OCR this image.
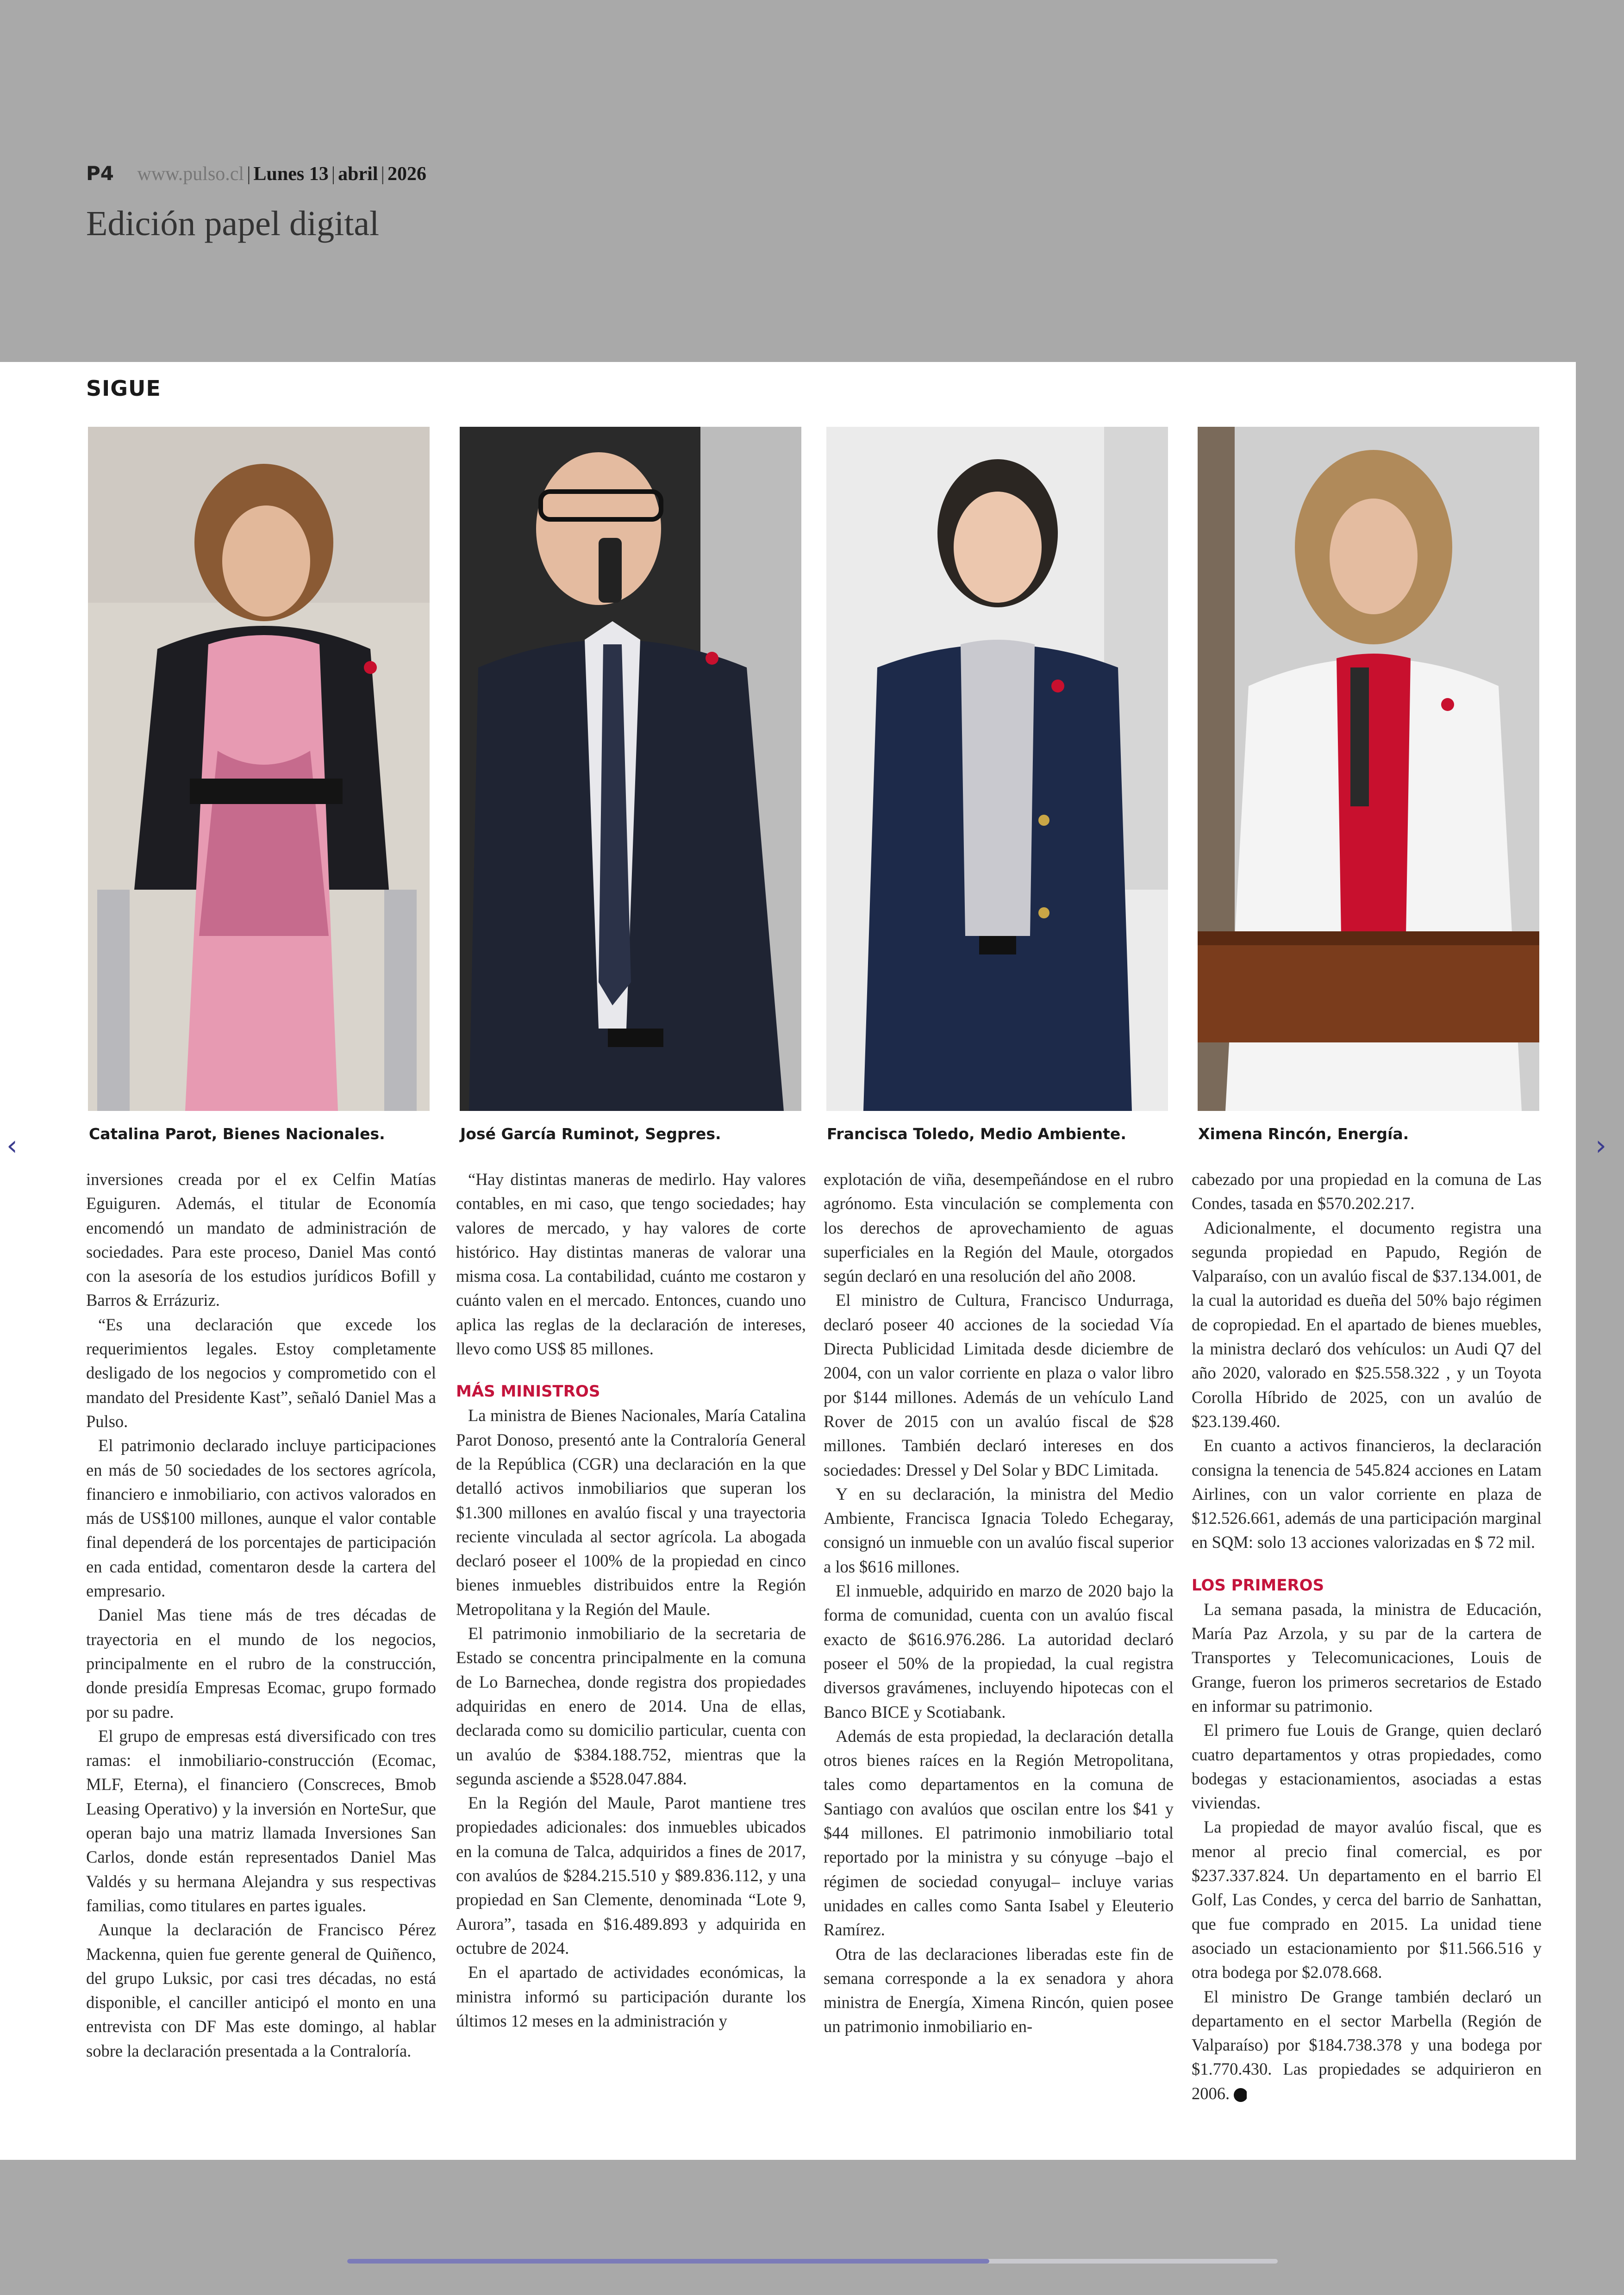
P4 www.pulso.cl | Lunes 13 | abril | 2026
Edición papel digital
SIGUE
Catalina Parot, Bienes Nacionales.	José García Ruminot, Segpres.	Francisca Toledo, Medio Ambiente.	Ximena Rincón, Energía.

inversiones creada por el ex Celfin Matías Eguiguren. Además, el titular de Economía encomendó un mandato de administración de sociedades. Para este proceso, Daniel Mas contó con la asesoría de los estudios jurídicos Bofill y Barros & Errázuriz.

“Es una declaración que excede los requerimientos legales. Estoy completamente desligado de los negocios y comprometido con el mandato del Presidente Kast”, señaló Daniel Mas a Pulso.

El patrimonio declarado incluye participaciones en más de 50 sociedades de los sectores agrícola, financiero e inmobiliario, con activos valorados en más de US$100 millones, aunque el valor contable final dependerá de los porcentajes de participación en cada entidad, comentaron desde la cartera del empresario.

Daniel Mas tiene más de tres décadas de trayectoria en el mundo de los negocios, principalmente en el rubro de la construcción, donde presidía Empresas Ecomac, grupo formado por su padre.

El grupo de empresas está diversificado con tres ramas: el inmobiliario-construcción (Ecomac, MLF, Eterna), el financiero (Conscreces, Bmob Leasing Operativo) y la inversión en NorteSur, que operan bajo una matriz llamada Inversiones San Carlos, donde están representados Daniel Mas Valdés y su hermana Alejandra y sus respectivas familias, como titulares en partes iguales.

Aunque la declaración de Francisco Pérez Mackenna, quien fue gerente general de Quiñenco, del grupo Luksic, por casi tres décadas, no está disponible, el canciller anticipó el monto en una entrevista con DF Mas este domingo, al hablar sobre la declaración presentada a la Contraloría.

“Hay distintas maneras de medirlo. Hay valores contables, en mi caso, que tengo sociedades; hay valores de mercado, y hay valores de corte histórico. Hay distintas maneras de valorar una misma cosa. La contabilidad, cuánto me costaron y cuánto valen en el mercado. Entonces, cuando uno aplica las reglas de la declaración de intereses, llevo como US$ 85 millones.

MÁS MINISTROS

La ministra de Bienes Nacionales, María Catalina Parot Donoso, presentó ante la Contraloría General de la República (CGR) una declaración en la que detalló activos inmobiliarios que superan los $1.300 millones en avalúo fiscal y una trayectoria reciente vinculada al sector agrícola. La abogada declaró poseer el 100% de la propiedad en cinco bienes inmuebles distribuidos entre la Región Metropolitana y la Región del Maule.

El patrimonio inmobiliario de la secretaria de Estado se concentra principalmente en la comuna de Lo Barnechea, donde registra dos propiedades adquiridas en enero de 2014. Una de ellas, declarada como su domicilio particular, cuenta con un avalúo de $384.188.752, mientras que la segunda asciende a $528.047.884.

En la Región del Maule, Parot mantiene tres propiedades adicionales: dos inmuebles ubicados en la comuna de Talca, adquiridos a fines de 2017, con avalúos de $284.215.510 y $89.836.112, y una propiedad en San Clemente, denominada “Lote 9, Aurora”, tasada en $16.489.893 y adquirida en octubre de 2024.

En el apartado de actividades económicas, la ministra informó su participación durante los últimos 12 meses en la administración y

explotación de viña, desempeñándose en el rubro agrónomo. Esta vinculación se complementa con los derechos de aprovechamiento de aguas superficiales en la Región del Maule, otorgados según declaró en una resolución del año 2008.

El ministro de Cultura, Francisco Undurraga, declaró poseer 40 acciones de la sociedad Vía Directa Publicidad Limitada desde diciembre de 2004, con un valor corriente en plaza o valor libro por $144 millones. Además de un vehículo Land Rover de 2015 con un avalúo fiscal de $28 millones. También declaró intereses en dos sociedades: Dressel y Del Solar y BDC Limitada.

Y en su declaración, la ministra del Medio Ambiente, Francisca Ignacia Toledo Echegaray, consignó un inmueble con un avalúo fiscal superior a los $616 millones.

El inmueble, adquirido en marzo de 2020 bajo la forma de comunidad, cuenta con un avalúo fiscal exacto de $616.976.286. La autoridad declaró poseer el 50% de la propiedad, la cual registra diversos gravámenes, incluyendo hipotecas con el Banco BICE y Scotiabank.

Además de esta propiedad, la declaración detalla otros bienes raíces en la Región Metropolitana, tales como departamentos en la comuna de Santiago con avalúos que oscilan entre los $41 y $44 millones. El patrimonio inmobiliario total reportado por la ministra y su cónyuge –bajo el régimen de sociedad conyugal– incluye varias unidades en calles como Santa Isabel y Eleuterio Ramírez.

Otra de las declaraciones liberadas este fin de semana corresponde a la ex senadora y ahora ministra de Energía, Ximena Rincón, quien posee un patrimonio inmobiliario en-

cabezado por una propiedad en la comuna de Las Condes, tasada en $570.202.217.

Adicionalmente, el documento registra una segunda propiedad en Papudo, Región de Valparaíso, con un avalúo fiscal de $37.134.001, de la cual la autoridad es dueña del 50% bajo régimen de copropiedad. En el apartado de bienes muebles, la ministra declaró dos vehículos: un Audi Q7 del año 2020, valorado en $25.558.322 , y un Toyota Corolla Híbrido de 2025, con un avalúo de $23.139.460.

En cuanto a activos financieros, la declaración consigna la tenencia de 545.824 acciones en Latam Airlines, con un valor corriente en plaza de $12.526.661, además de una participación marginal en SQM: solo 13 acciones valorizadas en $ 72 mil.

LOS PRIMEROS

La semana pasada, la ministra de Educación, María Paz Arzola, y su par de la cartera de Transportes y Telecomunicaciones, Louis de Grange, fueron los primeros secretarios de Estado en informar su patrimonio.

El primero fue Louis de Grange, quien declaró cuatro departamentos y otras propiedades, como bodegas y estacionamientos, asociadas a estas viviendas.

La propiedad de mayor avalúo fiscal, que es menor al precio final comercial, es por $237.337.824. Un departamento en el barrio El Golf, Las Condes, y cerca del barrio de Sanhattan, que fue comprado en 2015. La unidad tiene asociado un estacionamiento por $11.566.516 y otra bodega por $2.078.668.

El ministro De Grange también declaró un departamento en el sector Marbella (Región de Valparaíso) por $184.738.378 y una bodega por $1.770.430. Las propiedades se adquirieron en 2006. P

‹	›
